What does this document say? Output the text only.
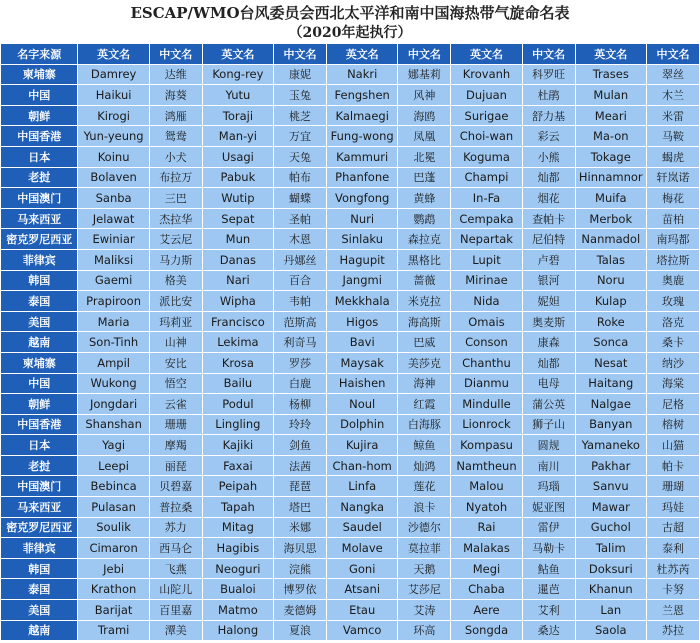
ESCAP/WMO台风委员会西北太平洋和南中国海热带气旋命名表
（2020年起执行）
名字来源	英文名	中文名	英文名	中文名	英文名	中文名	英文名	中文名	英文名	中文名
柬埔寨	Damrey	达维	Kong-rey	康妮	Nakri	娜基莉	Krovanh	科罗旺	Trases	翠丝
中国	Haikui	海葵	Yutu	玉兔	Fengshen	风神	Dujuan	杜鹃	Mulan	木兰
朝鲜	Kirogi	鸿雁	Toraji	桃芝	Kalmaegi	海鸥	Surigae	舒力基	Meari	米雷
中国香港	Yun-yeung	鸳鸯	Man-yi	万宜	Fung-wong	凤凰	Choi-wan	彩云	Ma-on	马鞍
日本	Koinu	小犬	Usagi	天兔	Kammuri	北冕	Koguma	小熊	Tokage	蝎虎
老挝	Bolaven	布拉万	Pabuk	帕布	Phanfone	巴蓬	Champi	灿都	Hinnamnor	轩岚诺
中国澳门	Sanba	三巴	Wutip	蝴蝶	Vongfong	黄蜂	In-Fa	烟花	Muifa	梅花
马来西亚	Jelawat	杰拉华	Sepat	圣帕	Nuri	鹦鹉	Cempaka	查帕卡	Merbok	苗柏
密克罗尼西亚	Ewiniar	艾云尼	Mun	木恩	Sinlaku	森拉克	Nepartak	尼伯特	Nanmadol	南玛都
菲律宾	Maliksi	马力斯	Danas	丹娜丝	Hagupit	黑格比	Lupit	卢碧	Talas	塔拉斯
韩国	Gaemi	格美	Nari	百合	Jangmi	蔷薇	Mirinae	银河	Noru	奥鹿
泰国	Prapiroon	派比安	Wipha	韦帕	Mekkhala	米克拉	Nida	妮妲	Kulap	玫瑰
美国	Maria	玛莉亚	Francisco	范斯高	Higos	海高斯	Omais	奥麦斯	Roke	洛克
越南	Son-Tinh	山神	Lekima	利奇马	Bavi	巴威	Conson	康森	Sonca	桑卡
柬埔寨	Ampil	安比	Krosa	罗莎	Maysak	美莎克	Chanthu	灿都	Nesat	纳沙
中国	Wukong	悟空	Bailu	白鹿	Haishen	海神	Dianmu	电母	Haitang	海棠
朝鲜	Jongdari	云雀	Podul	杨柳	Noul	红霞	Mindulle	蒲公英	Nalgae	尼格
中国香港	Shanshan	珊珊	Lingling	玲玲	Dolphin	白海豚	Lionrock	狮子山	Banyan	榕树
日本	Yagi	摩羯	Kajiki	剑鱼	Kujira	鲸鱼	Kompasu	圆规	Yamaneko	山猫
老挝	Leepi	丽琵	Faxai	法茜	Chan-hom	灿鸿	Namtheun	南川	Pakhar	帕卡
中国澳门	Bebinca	贝碧嘉	Peipah	琵琶	Linfa	莲花	Malou	玛瑙	Sanvu	珊瑚
马来西亚	Pulasan	普拉桑	Tapah	塔巴	Nangka	浪卡	Nyatoh	妮亚图	Mawar	玛娃
密克罗尼西亚	Soulik	苏力	Mitag	米娜	Saudel	沙德尔	Rai	雷伊	Guchol	古超
菲律宾	Cimaron	西马仑	Hagibis	海贝思	Molave	莫拉菲	Malakas	马勒卡	Talim	泰利
韩国	Jebi	飞燕	Neoguri	浣熊	Goni	天鹅	Megi	鲇鱼	Doksuri	杜苏芮
泰国	Krathon	山陀儿	Bualoi	博罗依	Atsani	艾莎尼	Chaba	暹芭	Khanun	卡努
美国	Barijat	百里嘉	Matmo	麦德姆	Etau	艾涛	Aere	艾利	Lan	兰恩
越南	Trami	潭美	Halong	夏浪	Vamco	环高	Songda	桑达	Saola	苏拉
